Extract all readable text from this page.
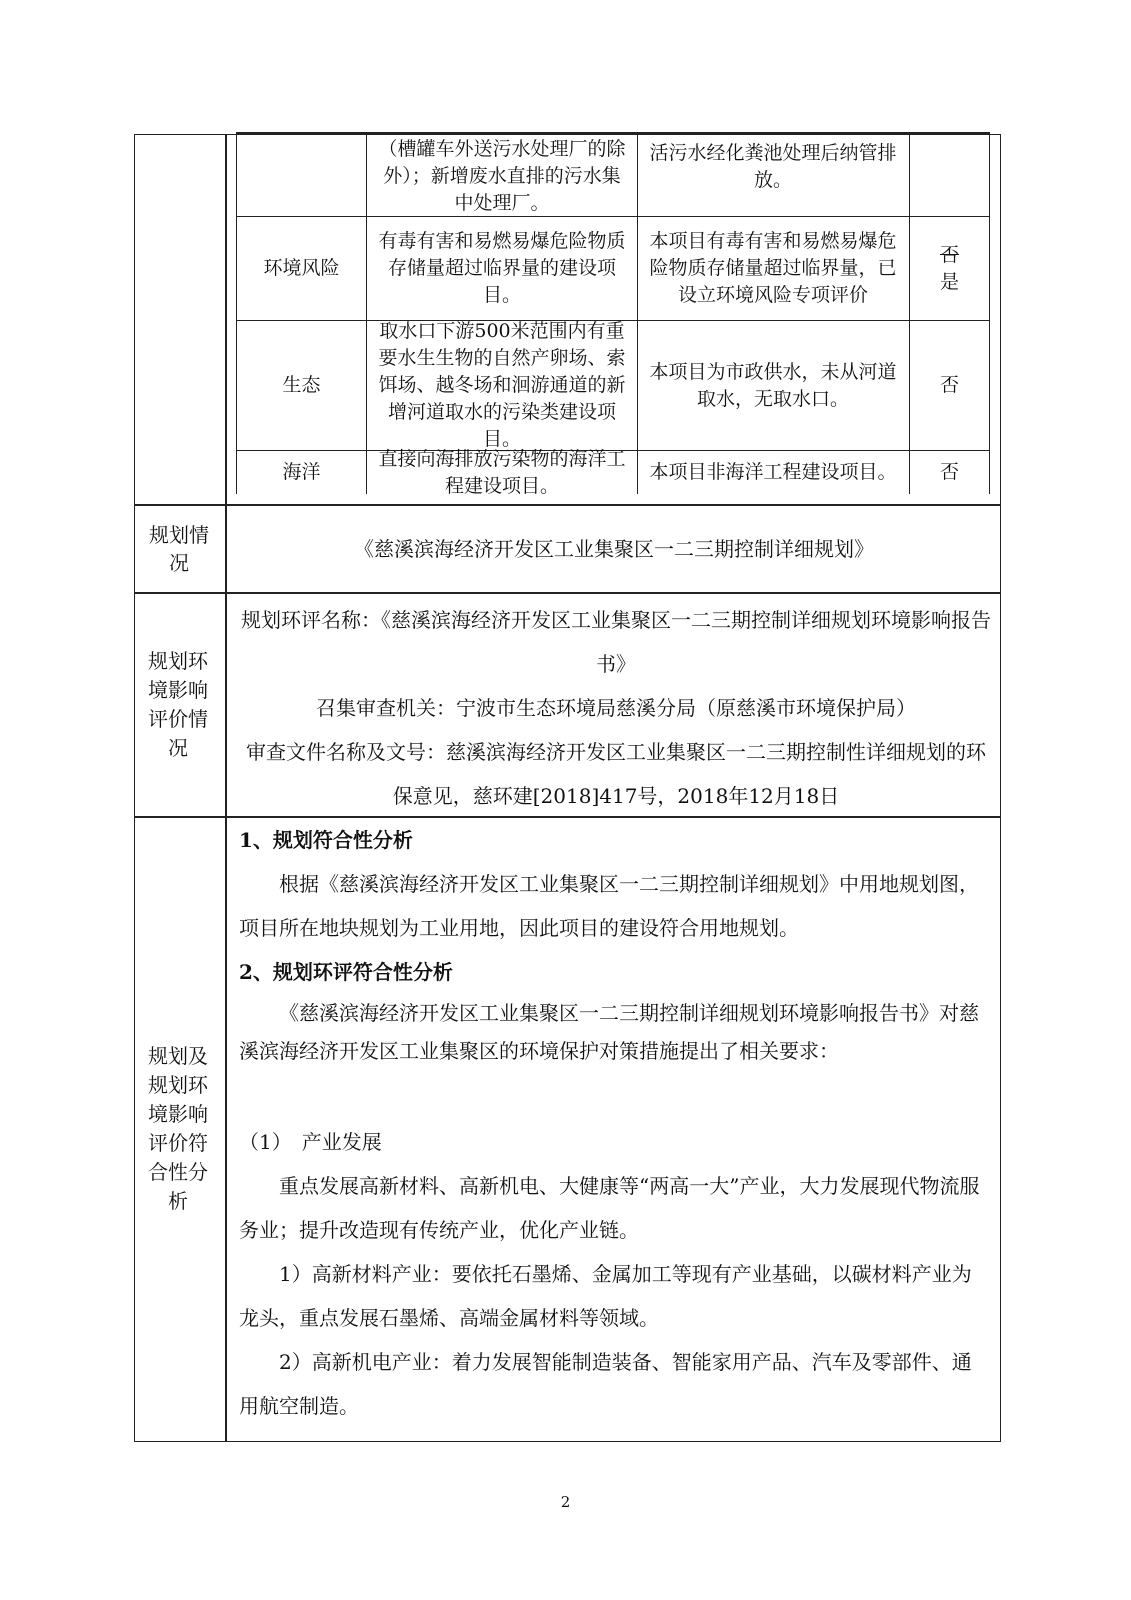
（槽罐车外送污水处理厂的除外）；新增废水直排的污水集中处理厂。
活污水经化粪池处理后纳管排放。
环境风险
有毒有害和易燃易爆危险物质存储量超过临界量的建设项目。
本项目有毒有害和易燃易爆危险物质存储量超过临界量，已设立环境风险专项评价
否
是
生态
取水口下游500米范围内有重要水生生物的自然产卵场、索饵场、越冬场和洄游通道的新增河道取水的污染类建设项目。
本项目为市政供水，未从河道取水，无取水口。
否
海洋
直接向海排放污染物的海洋工程建设项目。
本项目非海洋工程建设项目。 否
规划情况
《慈溪滨海经济开发区工业集聚区一二三期控制详细规划》
规划环境影响评价情况
规划环评名称：《慈溪滨海经济开发区工业集聚区一二三期控制详细规划环境影响报告书》
召集审查机关：宁波市生态环境局慈溪分局（原慈溪市环境保护局）
审查文件名称及文号：慈溪滨海经济开发区工业集聚区一二三期控制性详细规划的环保意见，慈环建[2018]417号，2018年12月18日
规划及规划环境影响评价符合性分析
1、规划符合性分析
根据《慈溪滨海经济开发区工业集聚区一二三期控制详细规划》中用地规划图，项目所在地块规划为工业用地，因此项目的建设符合用地规划。
2、规划环评符合性分析
《慈溪滨海经济开发区工业集聚区一二三期控制详细规划环境影响报告书》对慈溪滨海经济开发区工业集聚区的环境保护对策措施提出了相关要求：
（1）　产业发展
重点发展高新材料、高新机电、大健康等“两高一大”产业，大力发展现代物流服务业；提升改造现有传统产业，优化产业链。
1）高新材料产业：要依托石墨烯、金属加工等现有产业基础，以碳材料产业为龙头，重点发展石墨烯、高端金属材料等领域。
2）高新机电产业：着力发展智能制造装备、智能家用产品、汽车及零部件、通用航空制造。
2
